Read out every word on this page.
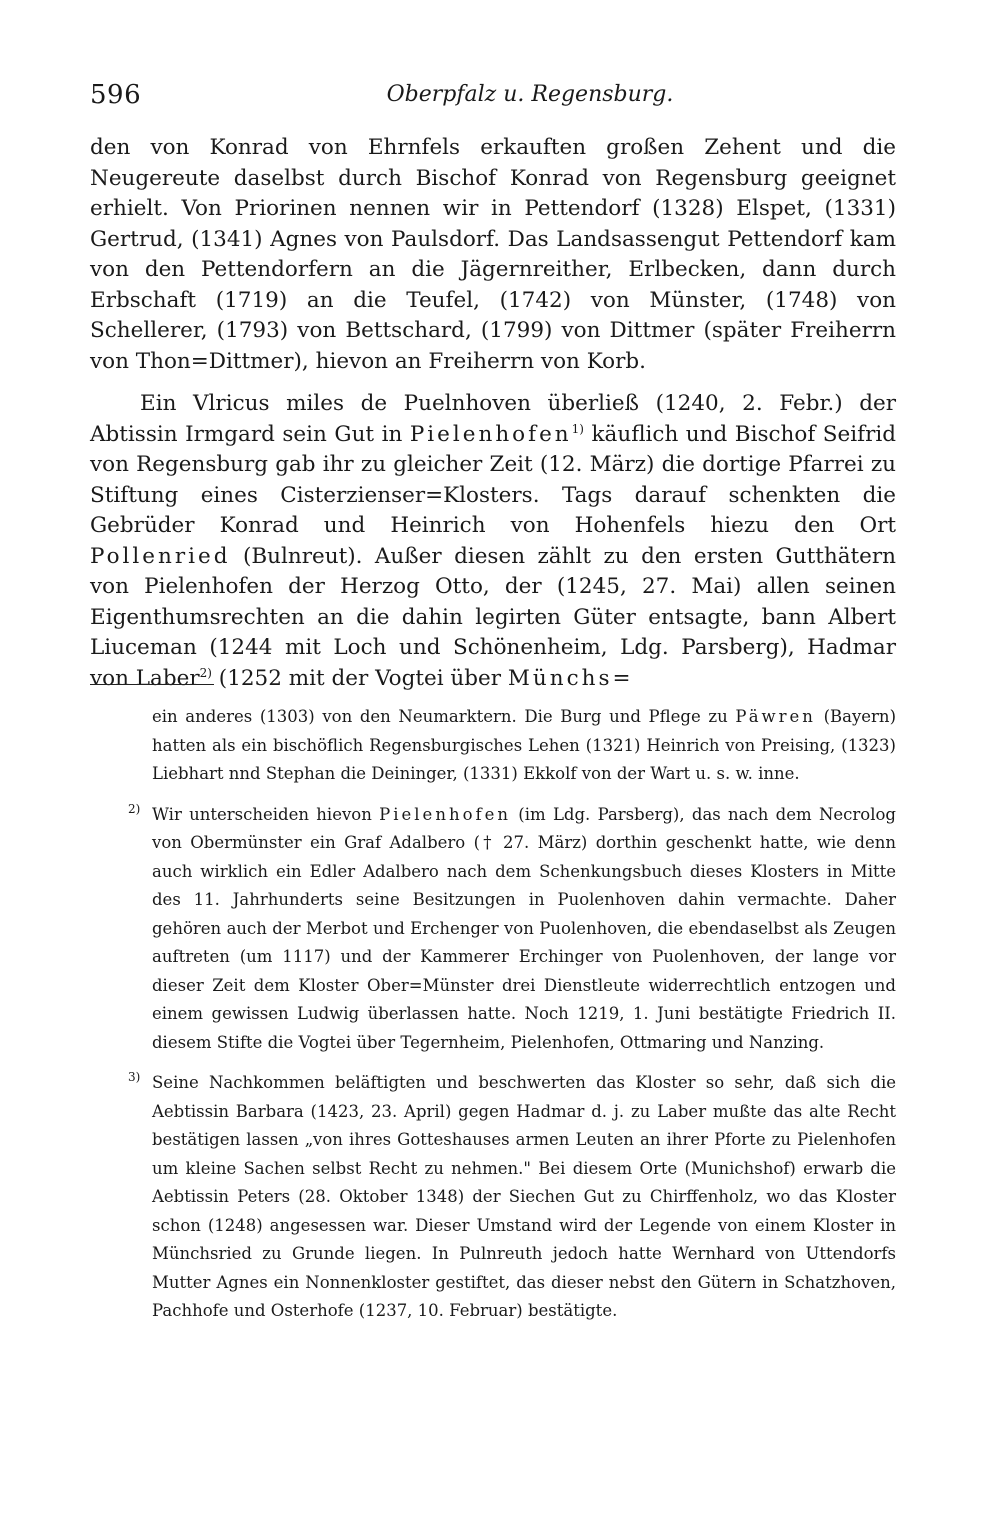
596	Oberpfalz u. Regensburg.

den von Konrad von Ehrnfels erkauften großen Zehent und die Neugereute daselbst durch Bischof Konrad von Regensburg geeignet erhielt. Von Priorinen nennen wir in Pettendorf (1328) Elspet, (1331) Gertrud, (1341) Agnes von Paulsdorf. Das Landsassengut Pettendorf kam von den Pettendorfern an die Jägernreither, Erlbecken, dann durch Erbschaft (1719) an die Teufel, (1742) von Münster, (1748) von Schellerer, (1793) von Bettschard, (1799) von Dittmer (später Freiherrn von Thon=Dittmer), hievon an Freiherrn von Korb.

Ein Vlricus miles de Puelnhoven überließ (1240, 2. Febr.) der Abtissin Irmgard sein Gut in Pielenhofen$^{1)}$ käuflich und Bischof Seifrid von Regensburg gab ihr zu gleicher Zeit (12. März) die dortige Pfarrei zu Stiftung eines Cisterzienser=Klosters. Tags darauf schenkten die Gebrüder Konrad und Heinrich von Hohenfels hiezu den Ort Pollenried (Bulnreut). Außer diesen zählt zu den ersten Gutthätern von Pielenhofen der Herzog Otto, der (1245, 27. Mai) allen seinen Eigenthumsrechten an die dahin legirten Güter entsagte, bann Albert Liuceman (1244 mit Loch und Schönenheim, Ldg. Parsberg), Hadmar von Laber$^{2)}$ (1252 mit der Vogtei über Münchs=

ein anderes (1303) von den Neumarktern. Die Burg und Pflege zu Päwren (Bayern) hatten als ein bischöflich Regensburgisches Lehen (1321) Heinrich von Preising, (1323) Liebhart nnd Stephan die Deininger, (1331) Ekkolf von der Wart u. s. w. inne.

2) Wir unterscheiden hievon Pielenhofen (im Ldg. Parsberg), das nach dem Necrolog von Obermünster ein Graf Adalbero († 27. März) dorthin geschenkt hatte, wie denn auch wirklich ein Edler Adalbero nach dem Schenkungsbuch dieses Klosters in Mitte des 11. Jahrhunderts seine Besitzungen in Puolenhoven dahin vermachte. Daher gehören auch der Merbot und Erchenger von Puolenhoven, die ebendaselbst als Zeugen auftreten (um 1117) und der Kammerer Erchinger von Puolenhoven, der lange vor dieser Zeit dem Kloster Ober=Münster drei Dienstleute widerrechtlich entzogen und einem gewissen Ludwig überlassen hatte. Noch 1219, 1. Juni bestätigte Friedrich II. diesem Stifte die Vogtei über Tegernheim, Pielenhofen, Ottmaring und Nanzing.

3) Seine Nachkommen beläftigten und beschwerten das Kloster so sehr, daß sich die Aebtissin Barbara (1423, 23. April) gegen Hadmar d. j. zu Laber mußte das alte Recht bestätigen lassen „von ihres Gotteshauses armen Leuten an ihrer Pforte zu Pielenhofen um kleine Sachen selbst Recht zu nehmen." Bei diesem Orte (Munichshof) erwarb die Aebtissin Peters (28. Oktober 1348) der Siechen Gut zu Chirffenholz, wo das Kloster schon (1248) angesessen war. Dieser Umstand wird der Legende von einem Kloster in Münchsried zu Grunde liegen. In Pulnreuth jedoch hatte Wernhard von Uttendorfs Mutter Agnes ein Nonnenkloster gestiftet, das dieser nebst den Gütern in Schatzhoven, Pachhofe und Osterhofe (1237, 10. Februar) bestätigte.
